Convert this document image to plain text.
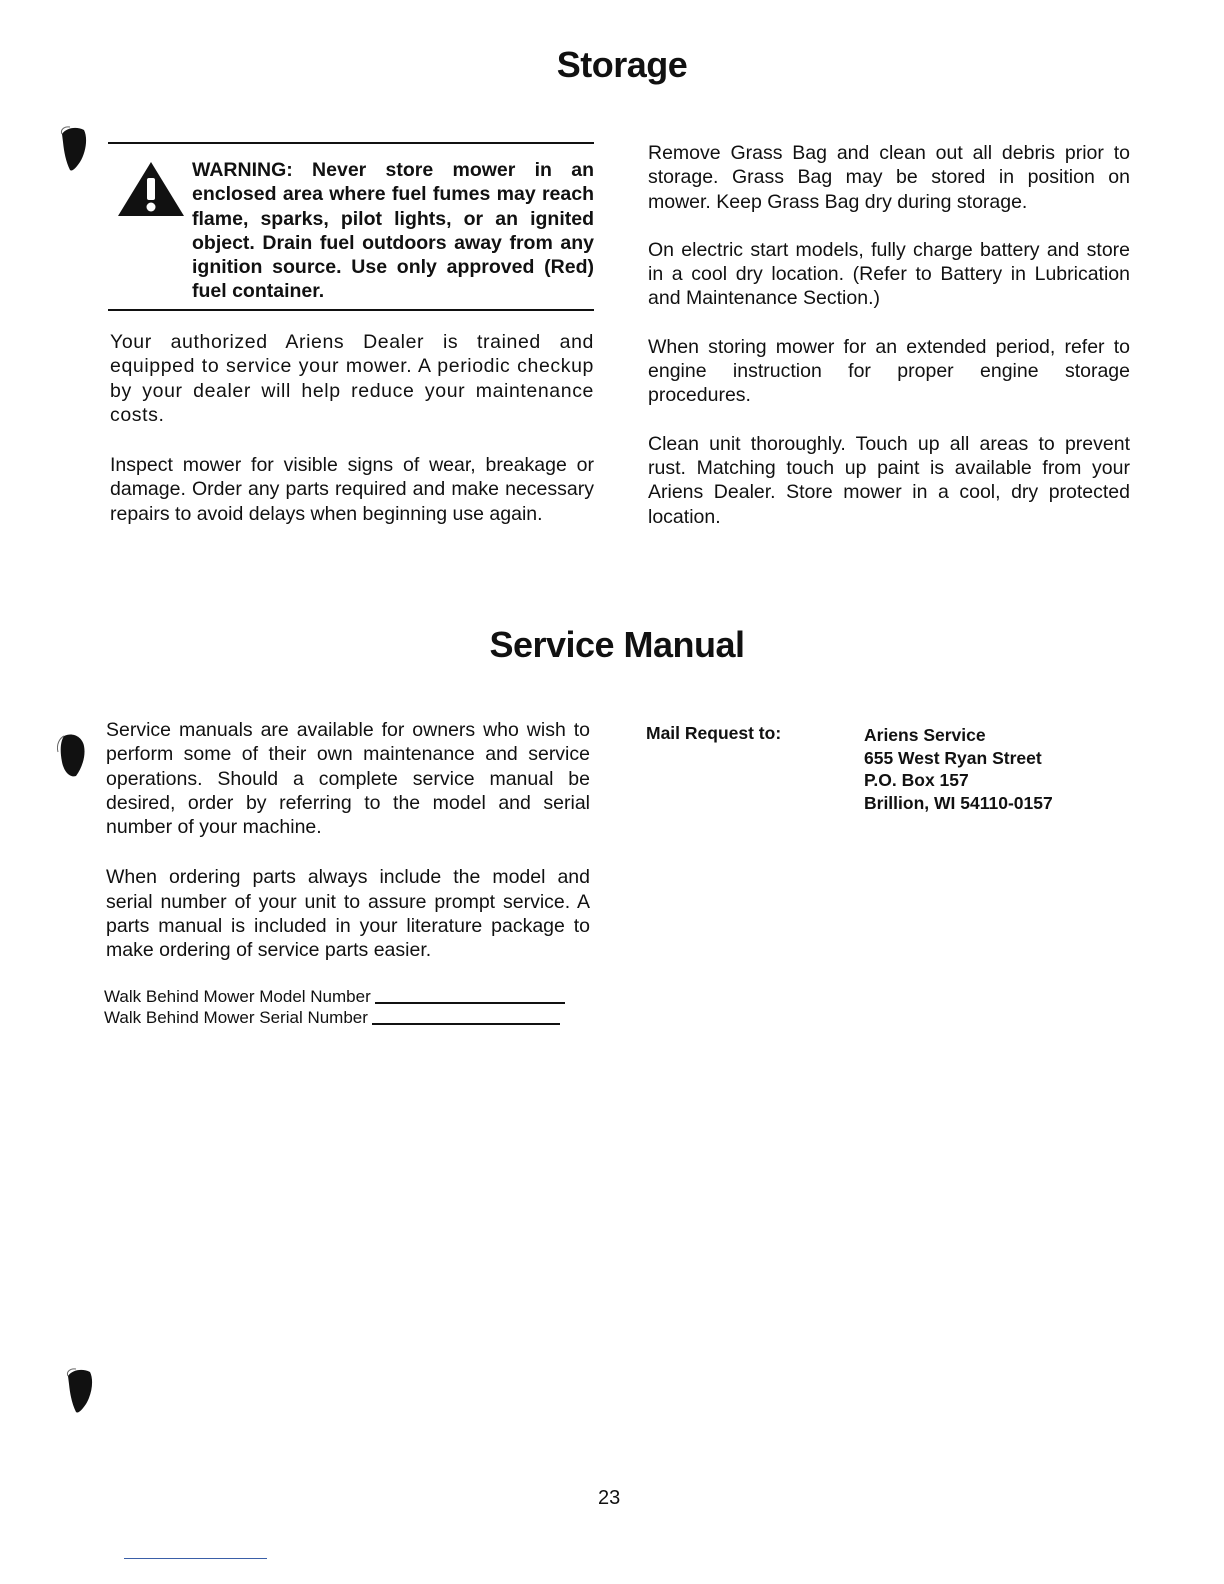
Storage

WARNING: Never store mower in an enclosed area where fuel fumes may reach flame, sparks, pilot lights, or an ignited object. Drain fuel outdoors away from any ignition source. Use only approved (Red) fuel container.

Your authorized Ariens Dealer is trained and equipped to service your mower. A periodic checkup by your dealer will help reduce your maintenance costs.

Inspect mower for visible signs of wear, breakage or damage. Order any parts required and make necessary repairs to avoid delays when beginning use again.

Remove Grass Bag and clean out all debris prior to storage. Grass Bag may be stored in position on mower. Keep Grass Bag dry during storage.

On electric start models, fully charge battery and store in a cool dry location. (Refer to Battery in Lubrication and Maintenance Section.)

When storing mower for an extended period, refer to engine instruction for proper engine storage procedures.

Clean unit thoroughly. Touch up all areas to prevent rust. Matching touch up paint is available from your Ariens Dealer. Store mower in a cool, dry protected location.

Service Manual

Service manuals are available for owners who wish to perform some of their own maintenance and service operations. Should a complete service manual be desired, order by referring to the model and serial number of your machine.

When ordering parts always include the model and serial number of your unit to assure prompt service. A parts manual is included in your literature package to make ordering of service parts easier.

Walk Behind Mower Model Number
Walk Behind Mower Serial Number

Mail Request to:	Ariens Service

655 West Ryan Street

P.O. Box 157

Brillion, WI 54110-0157

23
